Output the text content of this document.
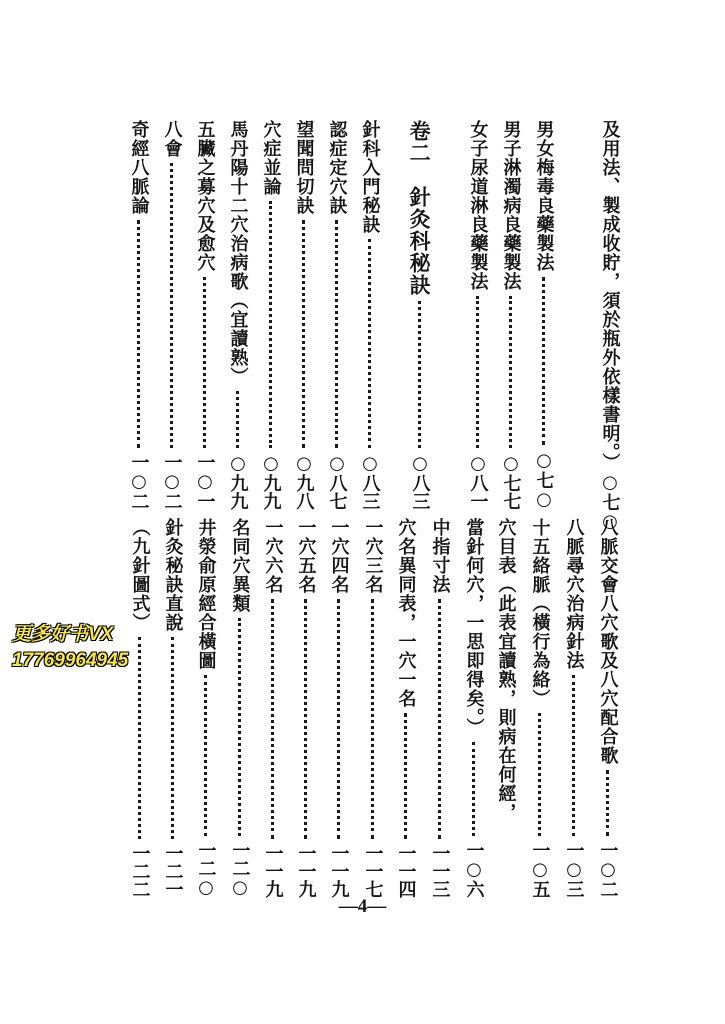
及用法、製成收貯，須於瓶外依樣書明。）
○七○
男女梅毒良藥製法
○七○
男子淋濁病良藥製法
○七七
女子尿道淋良藥製法
○八一
卷二　針灸科秘訣
○八三
針科入門秘訣
○八三
認症定穴訣
○八七
望聞問切訣
○九八
穴症並論
○九九
馬丹陽十二穴治病歌（宜讀熟）
○九九
五臟之募穴及愈穴
一○一
八會
一○二
奇經八脈論
一○二
八脈交會八穴歌及八穴配合歌
一○二
八脈尋穴治病針法
一○三
十五絡脈（橫行為絡）
一○五
穴目表（此表宜讀熟，則病在何經，
當針何穴，一思即得矣。）
一○六
中指寸法
一一三
穴名異同表，一穴一名
一一四
一穴三名
一一七
一穴四名
一一九
一穴五名
一一九
一穴六名
一一九
名同穴異類
一二○
井滎俞原經合橫圖
一二○
針灸秘訣直說
一二一
（九針圖式）
一二二
—4—
更多好书VX
17769964945
